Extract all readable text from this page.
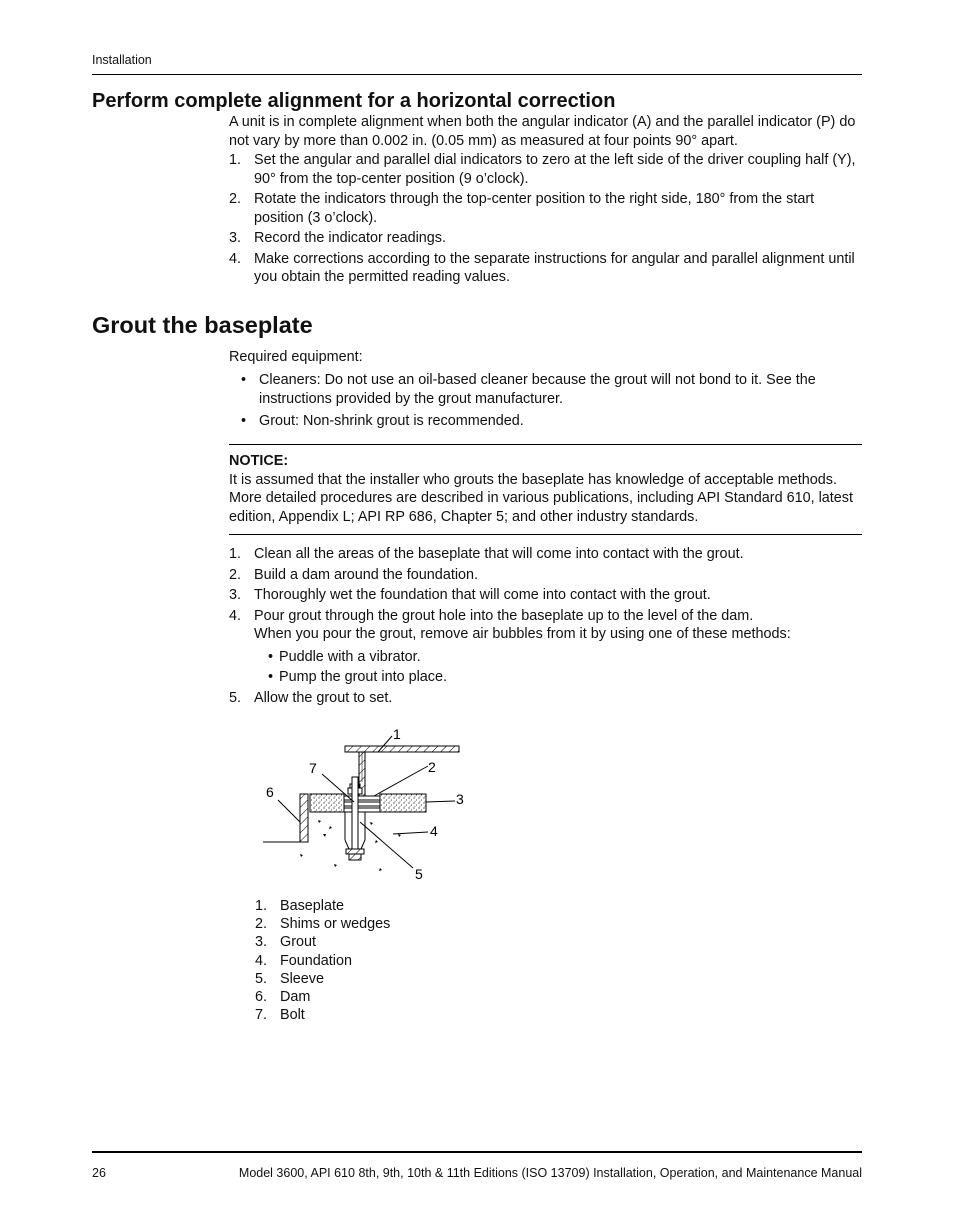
Installation
Perform complete alignment for a horizontal correction
A unit is in complete alignment when both the angular indicator (A) and the parallel indicator (P) do not vary by more than 0.002 in. (0.05 mm) as measured at four points 90° apart.
1. Set the angular and parallel dial indicators to zero at the left side of the driver coupling half (Y), 90° from the top-center position (9 o’clock).
2. Rotate the indicators through the top-center position to the right side, 180° from the start position (3 o’clock).
3. Record the indicator readings.
4. Make corrections according to the separate instructions for angular and parallel alignment until you obtain the permitted reading values.
Grout the baseplate
Required equipment:
• Cleaners: Do not use an oil-based cleaner because the grout will not bond to it. See the instructions provided by the grout manufacturer.
• Grout: Non-shrink grout is recommended.
NOTICE:
It is assumed that the installer who grouts the baseplate has knowledge of acceptable methods. More detailed procedures are described in various publications, including API Standard 610, latest edition, Appendix L; API RP 686, Chapter 5; and other industry standards.
1. Clean all the areas of the baseplate that will come into contact with the grout.
2. Build a dam around the foundation.
3. Thoroughly wet the foundation that will come into contact with the grout.
4. Pour grout through the grout hole into the baseplate up to the level of the dam.
When you pour the grout, remove air bubbles from it by using one of these methods:
• Puddle with a vibrator.
• Pump the grout into place.
5. Allow the grout to set.
1
2
3
4
5
6
7
1. Baseplate
2. Shims or wedges
3. Grout
4. Foundation
5. Sleeve
6. Dam
7. Bolt
26	Model 3600, API 610 8th, 9th, 10th & 11th Editions (ISO 13709) Installation, Operation, and Maintenance Manual
